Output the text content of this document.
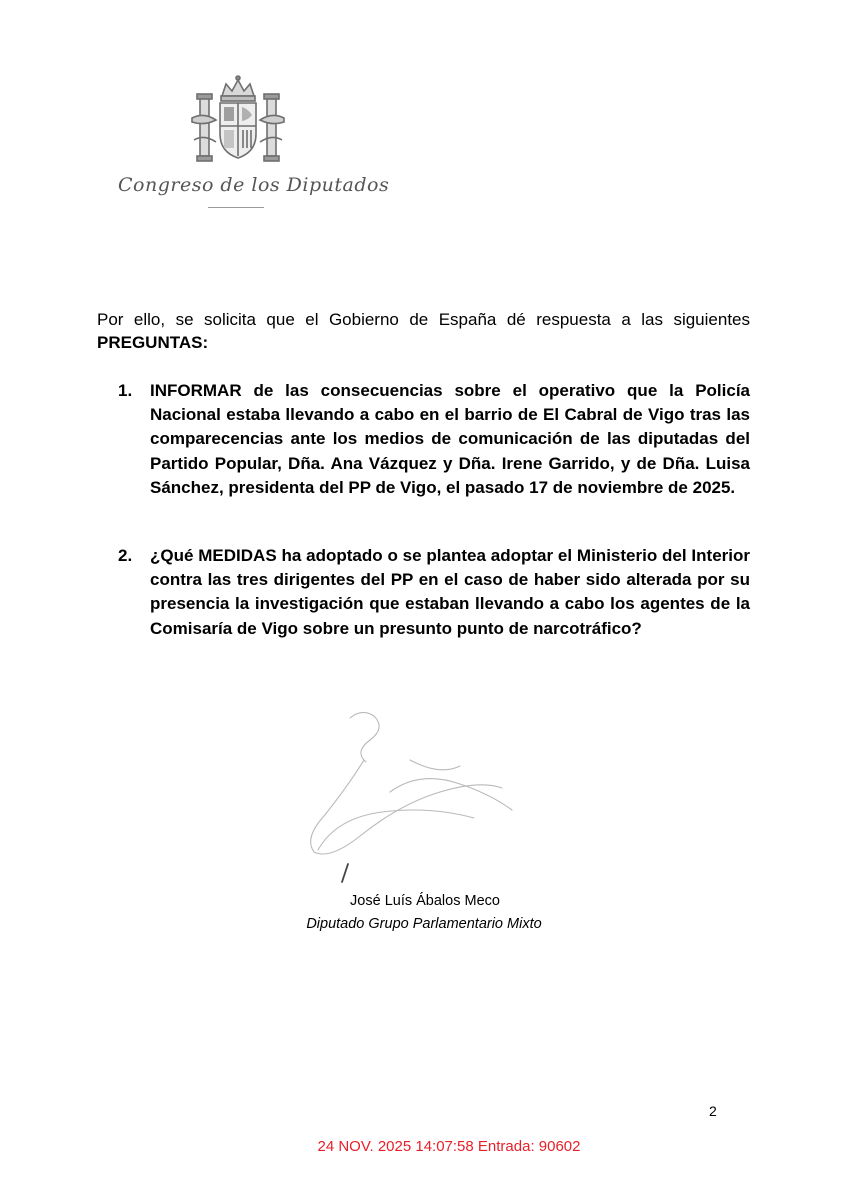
Congreso de los Diputados

Por ello, se solicita que el Gobierno de España dé respuesta a las siguientes

PREGUNTAS:

1. INFORMAR de las consecuencias sobre el operativo que la Policía Nacional estaba llevando a cabo en el barrio de El Cabral de Vigo tras las comparecencias ante los medios de comunicación de las diputadas del Partido Popular, Dña. Ana Vázquez y Dña. Irene Garrido, y de Dña. Luisa Sánchez, presidenta del PP de Vigo, el pasado 17 de noviembre de 2025.

2. ¿Qué MEDIDAS ha adoptado o se plantea adoptar el Ministerio del Interior contra las tres dirigentes del PP en el caso de haber sido alterada por su presencia la investigación que estaban llevando a cabo los agentes de la Comisaría de Vigo sobre un presunto punto de narcotráfico?

José Luís Ábalos Meco
Diputado Grupo Parlamentario Mixto
2
24 NOV. 2025 14:07:58 Entrada: 90602
